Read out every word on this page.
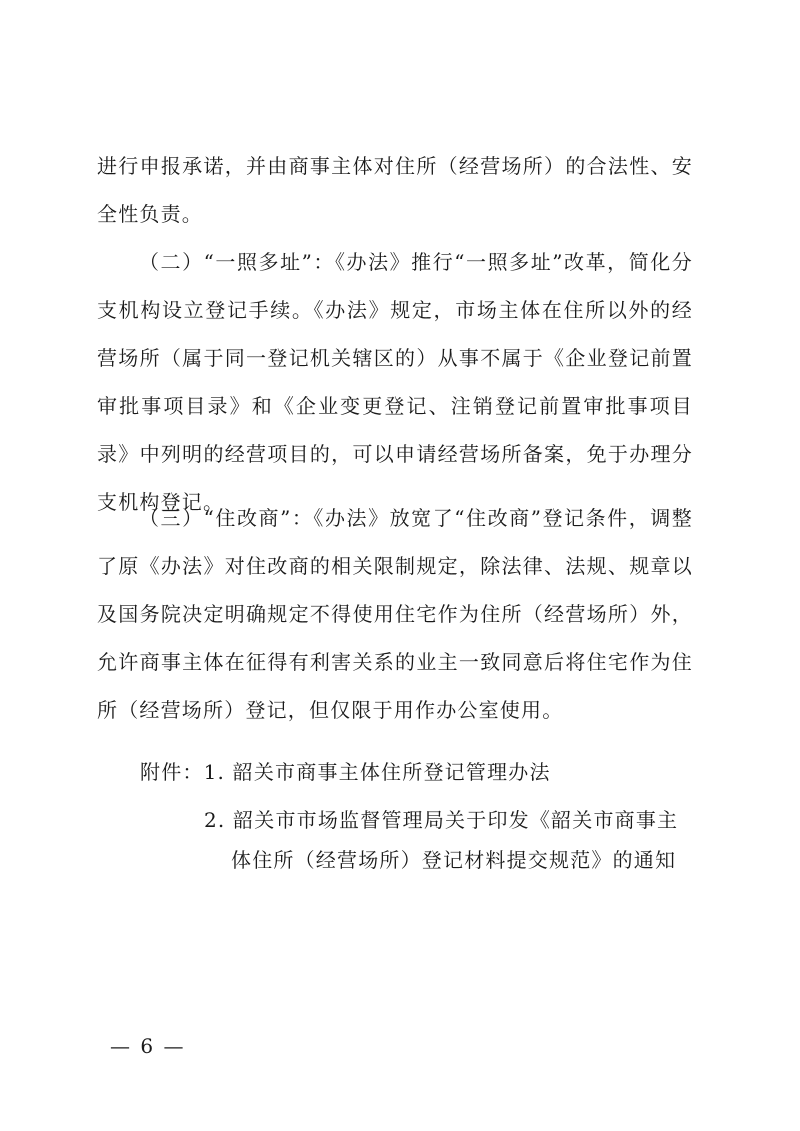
进行申报承诺，并由商事主体对住所（经营场所）的合法性、安全性负责。

（二）“一照多址”：《办法》推行“一照多址”改革，简化分支机构设立登记手续。《办法》规定，市场主体在住所以外的经营场所（属于同一登记机关辖区的）从事不属于《企业登记前置审批事项目录》和《企业变更登记、注销登记前置审批事项目录》中列明的经营项目的，可以申请经营场所备案，免于办理分支机构登记。

（三）“住改商”：《办法》放宽了“住改商”登记条件，调整了原《办法》对住改商的相关限制规定，除法律、法规、规章以及国务院决定明确规定不得使用住宅作为住所（经营场所）外，允许商事主体在征得有利害关系的业主一致同意后将住宅作为住所（经营场所）登记，但仅限于用作办公室使用。

附件：1. 韶关市商事主体住所登记管理办法
2. 韶关市市场监督管理局关于印发《韶关市商事主
体住所（经营场所）登记材料提交规范》的通知
— 6 —
